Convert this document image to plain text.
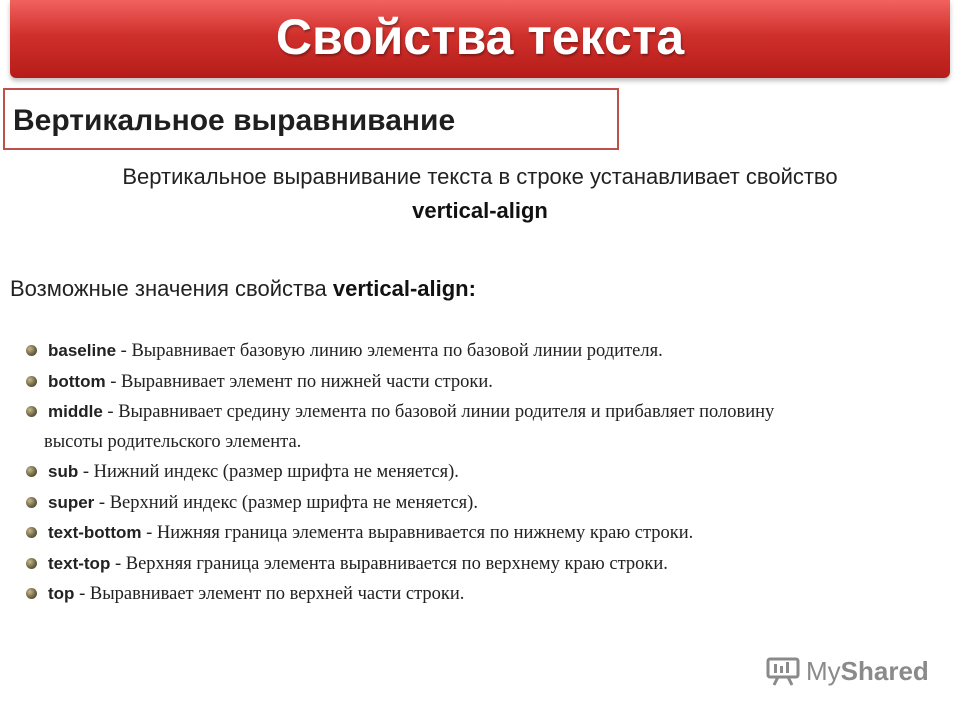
Свойства текста
Вертикальное выравнивание
Вертикальное выравнивание текста в строке устанавливает свойство
vertical-align
Возможные значения свойства vertical-align:
baseline - Выравнивает базовую линию элемента по базовой линии родителя.
bottom - Выравнивает элемент по нижней части строки.
middle - Выравнивает средину элемента по базовой линии родителя и прибавляет половину
высоты родительского элемента.
sub - Нижний индекс (размер шрифта не меняется).
super - Верхний индекс (размер шрифта не меняется).
text-bottom - Нижняя граница элемента выравнивается по нижнему краю строки.
text-top - Верхняя граница элемента выравнивается по верхнему краю строки.
top - Выравнивает элемент по верхней части строки.
MyShared
